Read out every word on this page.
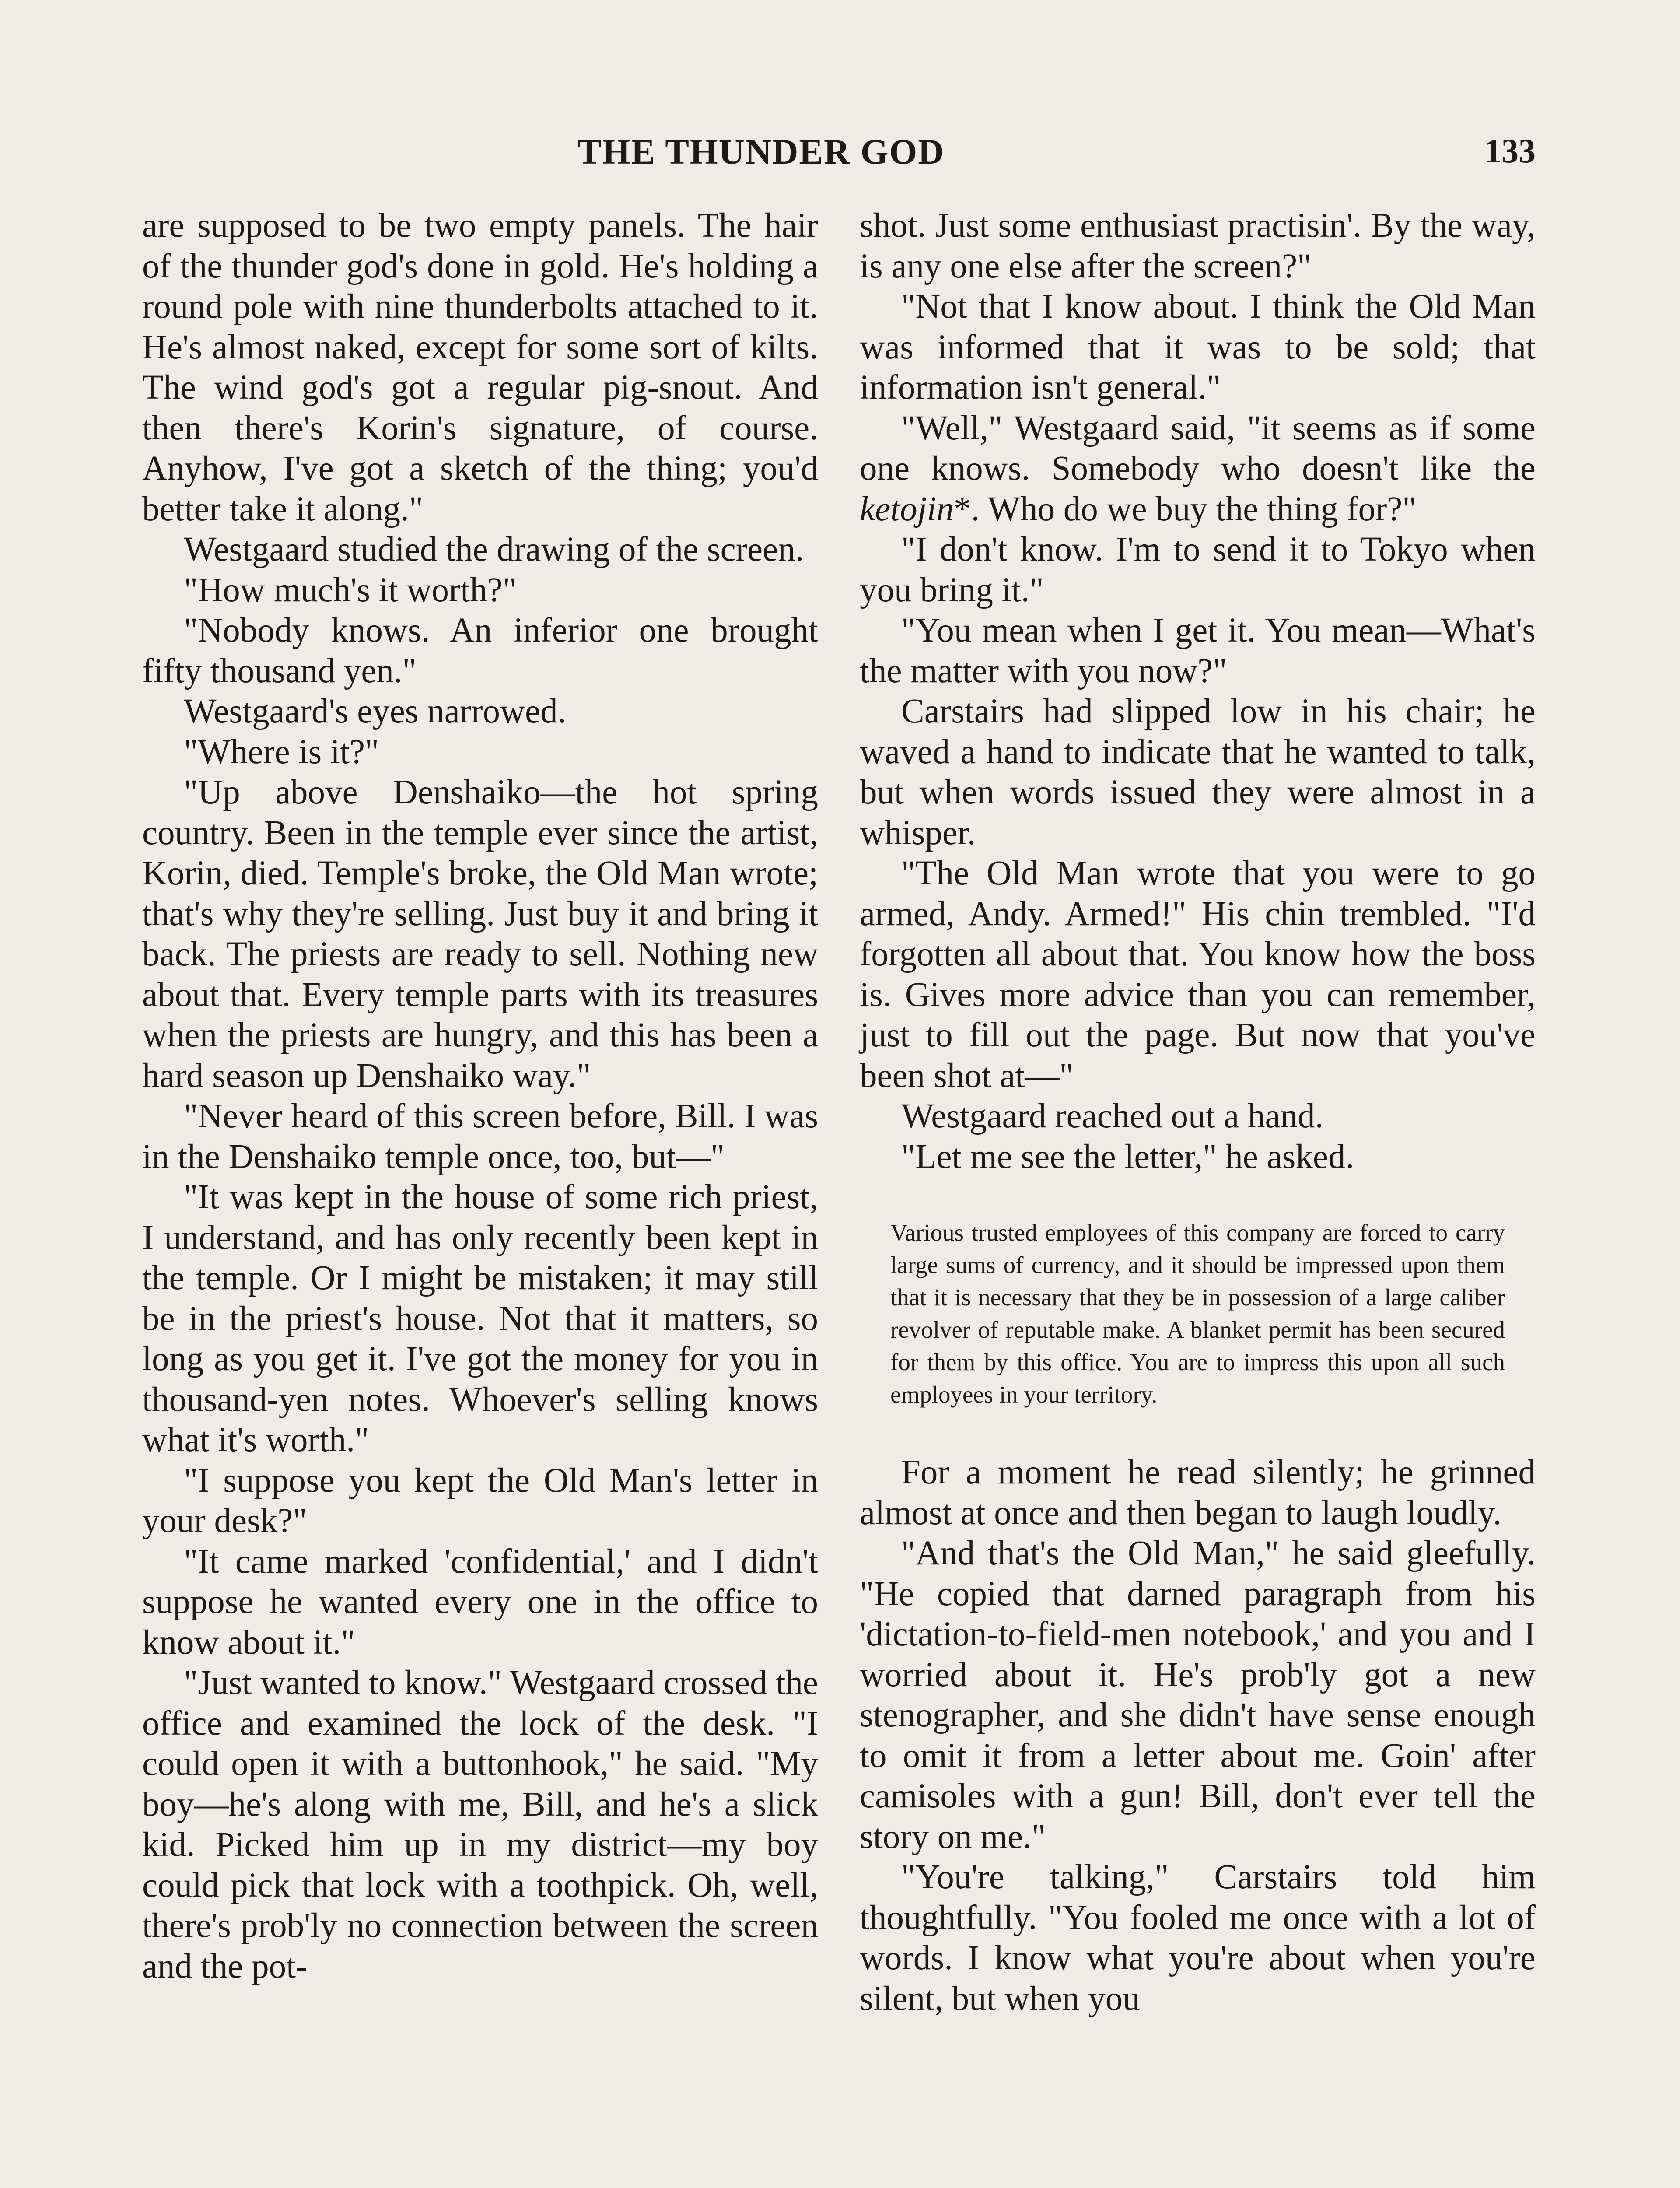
THE THUNDER GOD	133

are supposed to be two empty panels. The hair of the thunder god's done in gold. He's holding a round pole with nine thunderbolts attached to it. He's almost naked, except for some sort of kilts. The wind god's got a regular pig-snout. And then there's Korin's signature, of course. Anyhow, I've got a sketch of the thing; you'd better take it along."

Westgaard studied the drawing of the screen.

"How much's it worth?"

"Nobody knows. An inferior one brought fifty thousand yen."

Westgaard's eyes narrowed.

"Where is it?"

"Up above Denshaiko—the hot spring country. Been in the temple ever since the artist, Korin, died. Temple's broke, the Old Man wrote; that's why they're selling. Just buy it and bring it back. The priests are ready to sell. Nothing new about that. Every temple parts with its treasures when the priests are hungry, and this has been a hard season up Denshaiko way."

"Never heard of this screen before, Bill. I was in the Denshaiko temple once, too, but—"

"It was kept in the house of some rich priest, I understand, and has only recently been kept in the temple. Or I might be mistaken; it may still be in the priest's house. Not that it matters, so long as you get it. I've got the money for you in thousand-yen notes. Whoever's selling knows what it's worth."

"I suppose you kept the Old Man's letter in your desk?"

"It came marked 'confidential,' and I didn't suppose he wanted every one in the office to know about it."

"Just wanted to know." Westgaard crossed the office and examined the lock of the desk. "I could open it with a buttonhook," he said. "My boy—he's along with me, Bill, and he's a slick kid. Picked him up in my district—my boy could pick that lock with a toothpick. Oh, well, there's prob'ly no connection between the screen and the pot-

shot. Just some enthusiast practisin'. By the way, is any one else after the screen?"

"Not that I know about. I think the Old Man was informed that it was to be sold; that information isn't general."

"Well," Westgaard said, "it seems as if some one knows. Somebody who doesn't like the ketojin*. Who do we buy the thing for?"

"I don't know. I'm to send it to Tokyo when you bring it."

"You mean when I get it. You mean—What's the matter with you now?"

Carstairs had slipped low in his chair; he waved a hand to indicate that he wanted to talk, but when words issued they were almost in a whisper.

"The Old Man wrote that you were to go armed, Andy. Armed!" His chin trembled. "I'd forgotten all about that. You know how the boss is. Gives more advice than you can remember, just to fill out the page. But now that you've been shot at—"

Westgaard reached out a hand.

"Let me see the letter," he asked.

Various trusted employees of this company are forced to carry large sums of currency, and it should be impressed upon them that it is necessary that they be in possession of a large caliber revolver of reputable make. A blanket permit has been secured for them by this office. You are to impress this upon all such employees in your territory.

For a moment he read silently; he grinned almost at once and then began to laugh loudly.

"And that's the Old Man," he said gleefully. "He copied that darned paragraph from his 'dictation-to-field-men notebook,' and you and I worried about it. He's prob'ly got a new stenographer, and she didn't have sense enough to omit it from a letter about me. Goin' after camisoles with a gun! Bill, don't ever tell the story on me."

"You're talking," Carstairs told him thoughtfully. "You fooled me once with a lot of words. I know what you're about when you're silent, but when you
